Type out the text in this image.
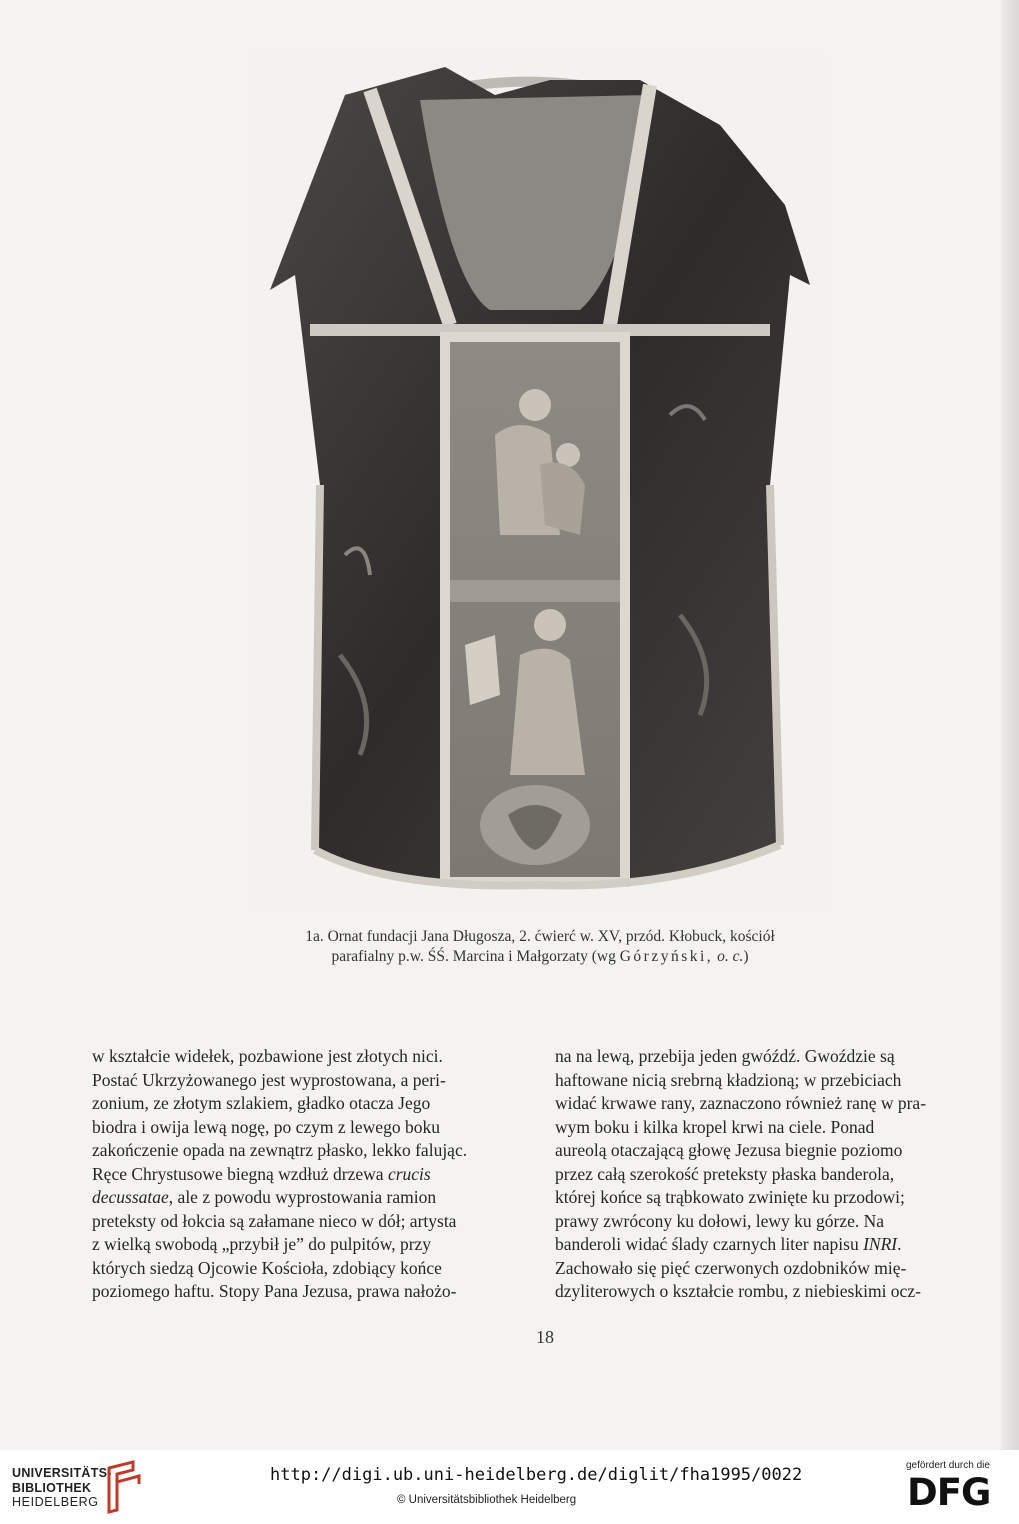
1a. Ornat fundacji Jana Długosza, 2. ćwierć w. XV, przód. Kłobuck, kościół
parafialny p.w. ŚŚ. Marcina i Małgorzaty (wg Górzyński, o. c.)

w kształcie widełek, pozbawione jest złotych nici.

Postać Ukrzyżowanego jest wyprostowana, a peri-

zonium, ze złotym szlakiem, gładko otacza Jego

biodra i owija lewą nogę, po czym z lewego boku

zakończenie opada na zewnątrz płasko, lekko falując.

Ręce Chrystusowe biegną wzdłuż drzewa crucis

decussatae, ale z powodu wyprostowania ramion

preteksty od łokcia są załamane nieco w dół; artysta

z wielką swobodą „przybił je” do pulpitów, przy

których siedzą Ojcowie Kościoła, zdobiący końce

poziomego haftu. Stopy Pana Jezusa, prawa nałożo-

na na lewą, przebija jeden gwóźdź. Gwoździe są

haftowane nicią srebrną kładzioną; w przebiciach

widać krwawe rany, zaznaczono również ranę w pra-

wym boku i kilka kropel krwi na ciele. Ponad

aureolą otaczającą głowę Jezusa biegnie poziomo

przez całą szerokość preteksty płaska banderola,

której końce są trąbkowato zwinięte ku przodowi;

prawy zwrócony ku dołowi, lewy ku górze. Na

banderoli widać ślady czarnych liter napisu INRI.

Zachowało się pięć czerwonych ozdobników mię-

dzyliterowych o kształcie rombu, z niebieskimi ocz-

18
UNIVERSITÄTS-
BIBLIOTHEK
HEIDELBERG
http://digi.ub.uni-heidelberg.de/diglit/fha1995/0022
© Universitätsbibliothek Heidelberg
gefördert durch die
DFG
